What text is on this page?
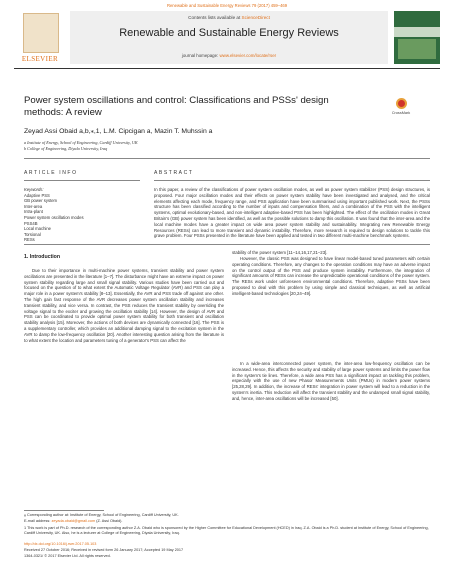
Renewable and Sustainable Energy Reviews 79 (2017) 459–469
ELSEVIER
Contents lists available at ScienceDirect
Renewable and Sustainable Energy Reviews
journal homepage: www.elsevier.com/locate/rser
Power system oscillations and control: Classifications and PSSs' design methods: A review	CrossMark
Zeyad Assi Obaid a,b,⁎,1, L.M. Cipcigan a, Mazin T. Muhssin a
a Institute of Energy, School of Engineering, Cardiff University, UK
b College of Engineering, Diyala University, Iraq
ARTICLE INFO	ABSTRACT
Keywords:
Adaptive PSS
GB power system
Inter-area
Intra-plant
Power system oscillation modes
PSS4B
Local machine
Torsional
RESs
In this paper, a review of the classifications of power system oscillation modes, as well as power system stabilizer (PSS) design structures, is proposed. Four major oscillation modes and their effects on power system stability have been investigated and analysed, and the critical elements affecting each mode, frequency range, and PSS application have been summarised using important published work. Next, the PSSs structure has been classified according to the number of inputs and compensation filters, and a combination of the PSS with the intelligent systems, optimal evolutionary-based, and non-intelligent adaptive-based PSS has been highlighted. The effect of the oscillation modes in Great Britain's (GB) power system has been identified, as well as the possible solutions to damp this oscillation. It was found that the inter-area and the local machine modes have a greater impact on wide area power system stability and sustainability. Integrating new Renewable Energy Resources (RESs) can lead to more transient and dynamic instability. Therefore, more research is required to design solutions to tackle this grave problem. Four PSSs presented in the literature have been applied and tested in two different multi-machine benchmark systems.
1. Introduction
Due to their importance in multi-machine power systems, transient stability and power system oscillations are presented in the literature [1–7]. The disturbance might have an extreme impact on power system stability regarding large and small signal stability. Various studies have been carried out and focused on the question of to what extent the Automatic Voltage Regulator (AVR) and PSS can play a major role in a power system's stability [8–13]. Essentially, the AVR and PSS trade off against one other. The high gain fast response of the AVR decreases power system oscillation stability and increases transient stability, and vice versa. In contrast, the PSS reduces the transient stability by overriding the voltage signal to the exciter and growing the oscillation stability [14]. However, the design of AVR and PSS can be coordinated to provide optimal power system stability for both transient and oscillation stability analysis [15]. Moreover, the actions of both devices are dynamically connected [16]. The PSS is a supplementary controller, which provides an additional damping signal to the excitation system in the AVR to damp the low-frequency oscillation [20]. Another interesting question arising from the literature is to what extent the location and parameters tuning of a generator's PSS can affect the
stability of the power system [11–14,16,17,21–23].
However, the classic PSS was designed to have linear model-based tuned parameters with certain operating conditions. Therefore, any changes to the operation conditions may have an adverse impact on the control output of the PSS and produce system instability. Furthermore, the integration of significant amounts of RESs can increase the unpredictable operational conditions of the power system. The RESs work under unforeseen environmental conditions. Therefore, adaptive PSSs have been proposed to deal with this problem by using simple and classical techniques, as well as artificial intelligent-based technologies [20,24–49].
In a wide-area interconnected power system, the inter-area low-frequency oscillation can be increased. Hence, this affects the security and stability of large power systems and limits the power flow in the system's tie lines. Therefore, a wide area PSS has a significant impact on tackling this problem, especially with the use of new Phasor Measurements Units (PMUs) in modern power systems [25,28,29]. In addition, the increase of RESs' integration in power system will lead to a reduction in the system's inertia. This reduction will affect the transient stability and the undamped small signal stability, and, hence, inter-area oscillations will be increased [50].
⁎ Corresponding author at: Institute of Energy, School of Engineering, Cardiff University, UK.
E-mail address: zeyada.obaid@gmail.com (Z. Assi Obaid).
1 This work is part of Ph.D. research of the corresponding author Z.A. Obaid who is sponsored by the Higher Committee for Educational Development (HCED) in Iraq. Z.A. Obaid is a Ph.D. student at Institute of Energy, School of Engineering, Cardiff University, UK. Also, he is a lecturer at College of Engineering, Diyala University, Iraq.
http://dx.doi.org/10.1016/j.rser.2017.05.103
Received 27 October 2016; Received in revised form 26 January 2017; Accepted 19 May 2017
1364-0321/ © 2017 Elsevier Ltd. All rights reserved.
